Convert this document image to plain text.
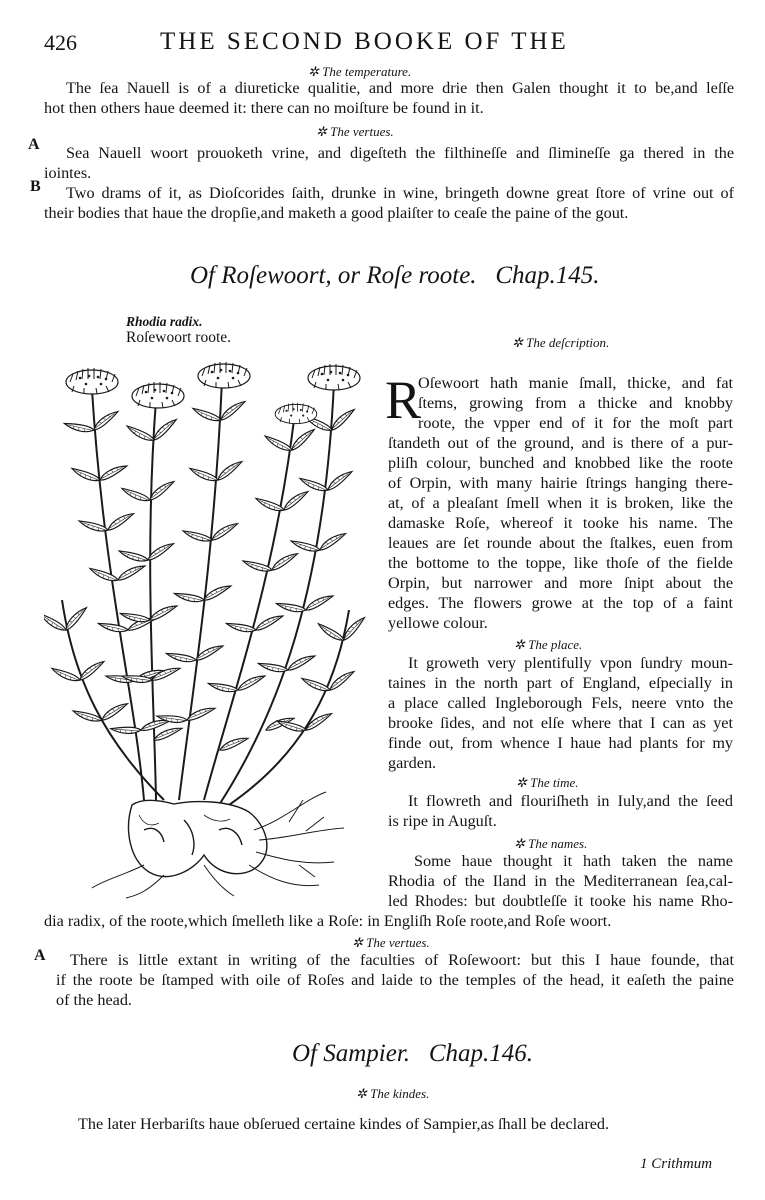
426	THE SECOND BOOKE OF THE
✲ The temperature.
The ſea Nauell is of a diureticke qualitie, and more drie then Galen thought it to be,and leſſe
hot then others haue deemed it: there can no moiſture be found in it.
✲ The vertues.
A
B
Sea Nauell woort prouoketh vrine, and digeſteth the filthineſſe and ſlimineſſe ga thered in the
iointes.
Two drams of it, as Dioſcorides ſaith, drunke in wine, bringeth downe great ſtore of vrine out of
their bodies that haue the dropſie,and maketh a good plaiſter to ceaſe the paine of the gout.
Of Roſewoort, or Roſe roote. Chap.145.
Rhodia radix.
Roſewoort roote.	✲ The deſcription.
R
Oſewoort hath manie ſmall, thicke, and fat
ſtems, growing from a thicke and knobby
roote, the vpper end of it for the moſt part
ſtandeth out of the ground, and is there of a pur-
pliſh colour, bunched and knobbed like the roote
of Orpin, with many hairie ſtrings hanging there-
at, of a pleaſant ſmell when it is broken, like the
damaske Roſe, whereof it tooke his name. The
leaues are ſet rounde about the ſtalkes, euen from
the bottome to the toppe, like thoſe of the fielde
Orpin, but narrower and more ſnipt about the
edges. The flowers growe at the top of a faint
yellowe colour.
✲ The place.
It groweth very plentifully vpon ſundry moun-
taines in the north part of England, eſpecially in
a place called Ingleborough Fels, neere vnto the
brooke ſides, and not elſe where that I can as yet
finde out, from whence I haue had plants for my
garden.
✲ The time.
It flowreth and flouriſheth in Iuly,and the ſeed
is ripe in Auguſt.
✲ The names.
Some haue thought it hath taken the name
Rhodia of the Iland in the Mediterranean ſea,cal-
led Rhodes: but doubtleſſe it tooke his name Rho-
dia radix, of the roote,which ſmelleth like a Roſe: in Engliſh Roſe roote,and Roſe woort.
✲ The vertues.
A	There is little extant in writing of the faculties of Roſewoort: but this I haue founde, that
if the roote be ſtamped with oile of Roſes and laide to the temples of the head, it eaſeth the paine
of the head.
Of Sampier. Chap.146.
✲ The kindes.
The later Herbariſts haue obſerued certaine kindes of Sampier,as ſhall be declared.
1 Crithmum
